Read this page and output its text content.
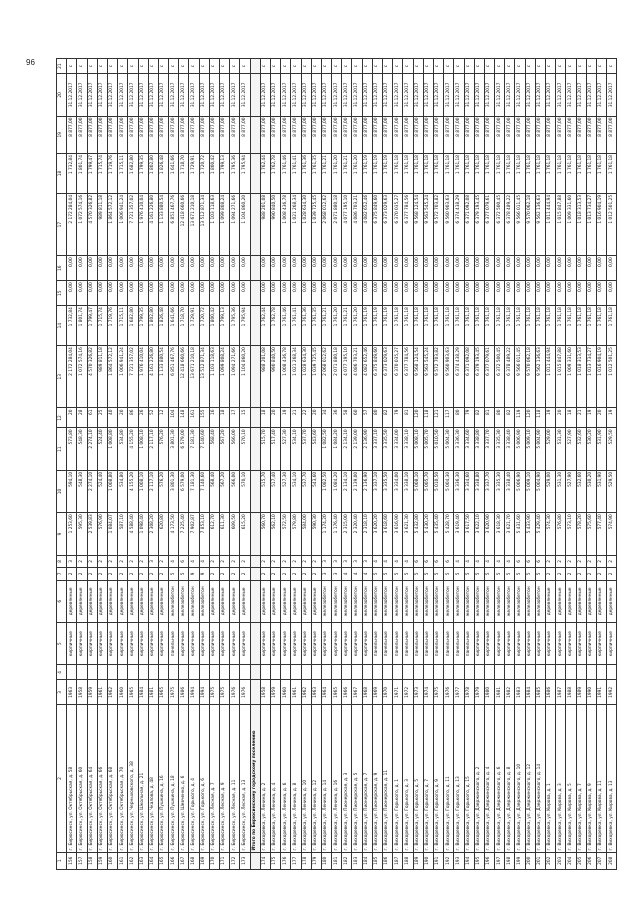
96
1	2	3	4	5	6	7	8	9	10	11	12	13	14	15	16	17	18	19	20	21
156	г. Бирюсинск, ул. Октябрьская, д. 58	1963		кирпичные	деревянные	2	3	1 253,60	594,10	573,80	20	2 172 284,04	1 732,84	0,00	0,00	2 172 284,04	1 732,84	8 877,00	31.12.2017	с
157	г. Бирюсинск, ул. Октябрьская, д. 60	1958		кирпичные	деревянные	2	2	595,30	548,30	548,30	28	1 072 574,16	1 801,74	0,00	0,00	1 072 574,16	1 801,74	8 877,00	31.12.2017	с
158	г. Бирюсинск, ул. Октябрьская, д. 64	1959		кирпичные	деревянные	2	2	2 539,83	2 274,10	2 274,10	61	4 570 326,82	1 799,47	0,00	0,00	4 570 326,82	1 799,47	8 877,00	31.12.2017	с
159	г. Бирюсинск, ул. Октябрьская, д. 66	1961		кирпичные	деревянные	2	2	576,90	524,40	524,40	25	989 811,18	1 715,74	0,00	0,00	989 811,18	1 715,74	8 877,00	31.12.2017	с
160	г. Бирюсинск, ул. Октябрьская, д. 68	1962		кирпичные	деревянные	2	2	1 084,07	1 008,80	1 008,80	40	1 864 572,12	1 719,76	0,00	0,00	1 864 572,12	1 719,76	8 877,00	31.12.2017	с
161	г. Бирюсинск, ул. Октябрьская, д. 70	1960		кирпичные	деревянные	2	2	587,10	534,80	534,80	20	1 006 941,24	1 715,11	0,00	0,00	1 006 941,24	1 715,11	8 877,00	31.12.2017	с
162	г. Бирюсинск, ул. Черныховского, д. 38	1965		кирпичные	деревянные	2	2	4 588,40	4 155,20	4 155,20	86	7 721 357,02	1 682,80	0,00	0,00	7 721 357,02	1 682,80	8 877,00	31.12.2017	с
163	г. Бирюсинск, ул. Школьная, д. 21	1984		кирпичные	деревянные	2	2	1 098,40	1 008,10	1 008,10	26	1 976 410,04	1 799,35	0,00	0,00	1 976 410,04	1 799,35	8 877,00	31.12.2017	с
164	г. Бирюсинск, ул. Чкалова, д. 48	1981		кирпичные	деревянные	2	3	2 308,20	2 117,10	2 117,10	52	4 161 226,80	1 802,80	0,00	0,00	4 161 226,80	1 802,80	8 877,00	31.12.2017	с
165	г. Бирюсинск, ул. Пушкина, д. 16	1965		кирпичные	деревянные	2	2	620,80	576,20	576,20	12	1 133 880,54	1 826,48	0,00	0,00	1 133 880,54	1 826,48	8 877,00	31.12.2017	с
166	г. Бирюсинск, ул. Пушкина, д. 18	1975		панельные	железобетон	5	4	4 173,50	3 801,30	3 801,30	104	6 851 467,76	1 641,66	0,00	0,00	6 851 467,76	1 641,66	8 877,00	31.12.2017	с
167	г. Бирюсинск, ул. Шевченко, д. 6	1986		кирпичные	железобетон	5	6	7 225,40	6 579,00	6 579,00	148	12 418 660,66	1 718,70	0,00	0,00	12 418 660,66	1 718,70	8 877,00	31.12.2017	с
168	г. Бирюсинск, ул. Горького, д. 4	1994		кирпичные	железобетон	9	4	7 902,87	7 181,30	7 181,30	161	13 671 210,18	1 729,91	0,00	0,00	13 671 210,18	1 729,91	8 877,00	31.12.2017	с
169	г. Бирюсинск, ул. Горького, д. 6	1994		кирпичные	железобетон	9	4	7 853,10	7 140,60	7 140,60	155	13 512 871,34	1 720,72	0,00	0,00	13 512 871,34	1 720,72	8 877,00	31.12.2017	с
170	г. Бирюсинск, ул. Лесная, д. 7	1975		кирпичные	деревянные	2	2	612,70	568,40	568,40	16	1 103 118,63	1 800,42	0,00	0,00	1 103 118,63	1 800,42	8 877,00	31.12.2017	с
171	г. Бирюсинск, ул. Лесная, д. 9	1975		кирпичные	деревянные	2	2	611,30	567,20	567,20	18	1 099 808,24	1 799,13	0,00	0,00	1 099 808,24	1 799,13	8 877,00	31.12.2017	с
172	г. Бирюсинск, ул. Лесная, д. 11	1976		кирпичные	деревянные	2	2	609,50	566,00	566,00	17	1 094 271,66	1 795,36	0,00	0,00	1 094 271,66	1 795,36	8 877,00	31.12.2017	с
173	г. Бирюсинск, ул. Лесная, д. 13	1976		кирпичные	деревянные	2	2	615,20	570,10	570,10	15	1 104 860,20	1 795,94	0,00	0,00	1 104 860,20	1 795,94	8 877,00	31.12.2017	с
	Итого по Бирюсинскому городскому поселению																			
174	г. Вихоревка, ул. Ленина, д. 2	1958		кирпичные	деревянные	2	2	560,70	515,70	515,70	18	988 201,08	1 762,44	0,00	0,00	988 201,08	1 762,44	8 877,00	31.12.2017	с
175	г. Вихоревка, ул. Ленина, д. 4	1959		кирпичные	деревянные	2	2	562,10	517,40	517,40	20	990 840,50	1 762,78	0,00	0,00	990 840,50	1 762,78	8 877,00	31.12.2017	с
176	г. Вихоревка, ул. Ленина, д. 6	1960		кирпичные	деревянные	2	2	572,50	527,30	527,30	19	1 008 436,78	1 761,46	0,00	0,00	1 008 436,78	1 761,46	8 877,00	31.12.2017	с
177	г. Вихоревка, ул. Ленина, д. 8	1961		кирпичные	деревянные	2	2	579,80	534,10	534,10	21	1 021 268,34	1 761,41	0,00	0,00	1 021 268,34	1 761,41	8 877,00	31.12.2017	с
178	г. Вихоревка, ул. Ленина, д. 10	1962		кирпичные	деревянные	2	2	584,00	537,70	537,70	22	1 028 634,30	1 761,36	0,00	0,00	1 028 634,30	1 761,36	8 877,00	31.12.2017	с
179	г. Вихоревка, ул. Ленина, д. 12	1963		кирпичные	деревянные	2	2	590,30	543,60	543,60	20	1 039 725,45	1 761,35	0,00	0,00	1 039 725,45	1 761,35	8 877,00	31.12.2017	с
180	г. Вихоревка, ул. Ленина, д. 14	1964		кирпичные	железобетон	3	3	1 174,20	1 082,50	1 082,50	34	2 068 012,62	1 761,21	0,00	0,00	2 068 012,62	1 761,21	8 877,00	31.12.2017	с
181	г. Вихоревка, ул. Ленина, д. 16	1965		кирпичные	железобетон	3	3	1 176,40	1 084,20	1 084,20	36	2 071 880,18	1 761,20	0,00	0,00	2 071 880,18	1 761,20	8 877,00	31.12.2017	с
182	г. Вихоревка, ул. Пионерская, д. 3	1966		кирпичные	железобетон	4	3	2 315,00	2 134,10	2 134,10	58	4 077 195,10	1 761,21	0,00	0,00	4 077 195,10	1 761,21	8 877,00	31.12.2017	с
183	г. Вихоревка, ул. Пионерская, д. 5	1967		кирпичные	железобетон	4	3	2 320,40	2 139,00	2 139,00	60	4 086 703,21	1 761,20	0,00	0,00	4 086 703,21	1 761,20	8 877,00	31.12.2017	с
184	г. Вихоревка, ул. Пионерская, д. 7	1968		кирпичные	железобетон	4	3	2 318,10	2 136,90	2 136,90	57	4 082 652,46	1 761,19	0,00	0,00	4 082 652,46	1 761,19	8 877,00	31.12.2017	с
185	г. Вихоревка, ул. Пионерская, д. 9	1969		панельные	железобетон	5	4	3 620,20	3 337,10	3 337,10	80	6 375 849,60	1 761,19	0,00	0,00	6 375 849,60	1 761,19	8 877,00	31.12.2017	с
186	г. Вихоревка, ул. Пионерская, д. 11	1970		панельные	железобетон	5	4	3 618,60	3 335,50	3 335,50	82	6 373 029,63	1 761,19	0,00	0,00	6 373 029,63	1 761,19	8 877,00	31.12.2017	с
187	г. Вихоревка, ул. Горького, д. 1	1971		панельные	железобетон	5	4	3 616,90	3 334,00	3 334,00	79	6 370 035,27	1 761,18	0,00	0,00	6 370 035,27	1 761,18	8 877,00	31.12.2017	с
188	г. Вихоревка, ул. Горького, д. 3	1972		панельные	железобетон	5	4	3 621,30	3 338,10	3 338,10	81	6 377 784,56	1 761,18	0,00	0,00	6 377 784,56	1 761,18	8 877,00	31.12.2017	с
189	г. Вихоревка, ул. Горького, д. 5	1973		панельные	железобетон	5	6	5 432,80	5 008,10	5 008,10	120	9 568 124,54	1 761,18	0,00	0,00	9 568 124,54	1 761,18	8 877,00	31.12.2017	с
190	г. Вихоревка, ул. Горького, д. 7	1974		панельные	железобетон	5	6	5 430,20	5 005,70	5 005,70	118	9 563 545,24	1 761,18	0,00	0,00	9 563 545,24	1 761,18	8 877,00	31.12.2017	с
191	г. Вихоревка, ул. Горького, д. 9	1975		панельные	железобетон	5	6	5 435,40	5 010,50	5 010,50	121	9 572 703,82	1 761,18	0,00	0,00	9 572 703,82	1 761,18	8 877,00	31.12.2017	с
192	г. Вихоревка, ул. Горького, д. 11	1976		панельные	железобетон	5	6	5 428,70	5 004,30	5 004,30	117	9 560 903,63	1 761,18	0,00	0,00	9 560 903,63	1 761,18	8 877,00	31.12.2017	с
193	г. Вихоревка, ул. Горького, д. 13	1977		панельные	железобетон	5	4	3 619,40	3 336,30	3 336,30	80	6 374 438,29	1 761,18	0,00	0,00	6 374 438,29	1 761,18	8 877,00	31.12.2017	с
194	г. Вихоревка, ул. Горького, д. 15	1978		панельные	железобетон	5	4	3 617,50	3 334,60	3 334,60	79	6 371 092,08	1 761,18	0,00	0,00	6 371 092,08	1 761,18	8 877,00	31.12.2017	с
195	г. Вихоревка, ул. Дзержинского, д. 2	1979		кирпичные	железобетон	5	4	3 622,10	3 338,80	3 338,80	82	6 379 193,45	1 761,18	0,00	0,00	6 379 193,45	1 761,18	8 877,00	31.12.2017	с
196	г. Вихоревка, ул. Дзержинского, д. 4	1980		кирпичные	железобетон	5	4	3 620,90	3 337,70	3 337,70	81	6 377 079,61	1 761,18	0,00	0,00	6 377 079,61	1 761,18	8 877,00	31.12.2017	с
197	г. Вихоревка, ул. Дзержинского, д. 6	1981		кирпичные	железобетон	5	4	3 618,30	3 335,30	3 335,30	80	6 372 500,45	1 761,18	0,00	0,00	6 372 500,45	1 761,18	8 877,00	31.12.2017	с
198	г. Вихоревка, ул. Дзержинского, д. 8	1982		кирпичные	железобетон	5	4	3 621,70	3 338,40	3 338,40	82	6 378 489,22	1 761,18	0,00	0,00	6 378 489,22	1 761,18	8 877,00	31.12.2017	с
199	г. Вихоревка, ул. Дзержинского, д. 10	1983		кирпичные	железобетон	5	6	5 431,60	5 006,90	5 006,90	119	9 566 011,45	1 761,18	0,00	0,00	9 566 011,45	1 761,18	8 877,00	31.12.2017	с
200	г. Вихоревка, ул. Дзержинского, д. 12	1984		кирпичные	железобетон	5	6	5 433,90	5 009,10	5 009,10	120	9 570 062,18	1 761,18	0,00	0,00	9 570 062,18	1 761,18	8 877,00	31.12.2017	с
201	г. Вихоревка, ул. Дзержинского, д. 14	1985		кирпичные	железобетон	5	6	5 429,40	5 004,90	5 004,90	118	9 562 136,63	1 761,18	0,00	0,00	9 562 136,63	1 761,18	8 877,00	31.12.2017	с
202	г. Вихоревка, ул. Кирова, д. 1	1986		кирпичные	деревянные	2	2	574,30	529,00	529,00	19	1 011 444,94	1 761,18	0,00	0,00	1 011 444,94	1 761,18	8 877,00	31.12.2017	с
203	г. Вихоревка, ул. Кирова, д. 3	1987		кирпичные	деревянные	2	2	576,80	531,30	531,30	20	1 015 847,88	1 761,18	0,00	0,00	1 015 847,88	1 761,18	8 877,00	31.12.2017	с
204	г. Вихоревка, ул. Кирова, д. 5	1988		кирпичные	деревянные	2	2	573,10	527,90	527,90	18	1 009 331,60	1 761,18	0,00	0,00	1 009 331,60	1 761,18	8 877,00	31.12.2017	с
205	г. Вихоревка, ул. Кирова, д. 7	1989		кирпичные	деревянные	2	2	578,20	532,60	532,60	21	1 018 313,53	1 761,18	0,00	0,00	1 018 313,53	1 761,18	8 877,00	31.12.2017	с
206	г. Вихоревка, ул. Кирова, д. 9	1990		кирпичные	деревянные	2	2	575,60	530,20	530,20	19	1 013 734,27	1 761,18	0,00	0,00	1 013 734,27	1 761,18	8 877,00	31.12.2017	с
207	г. Вихоревка, ул. Кирова, д. 11	1991		кирпичные	деревянные	2	2	577,40	531,90	531,90	20	1 016 904,19	1 761,18	0,00	0,00	1 016 904,19	1 761,18	8 877,00	31.12.2017	с
208	г. Вихоревка, ул. Кирова, д. 13	1992		кирпичные	деревянные	2	2	574,90	529,50	529,50	19	1 012 501,25	1 761,18	0,00	0,00	1 012 501,25	1 761,18	8 877,00	31.12.2017	с
